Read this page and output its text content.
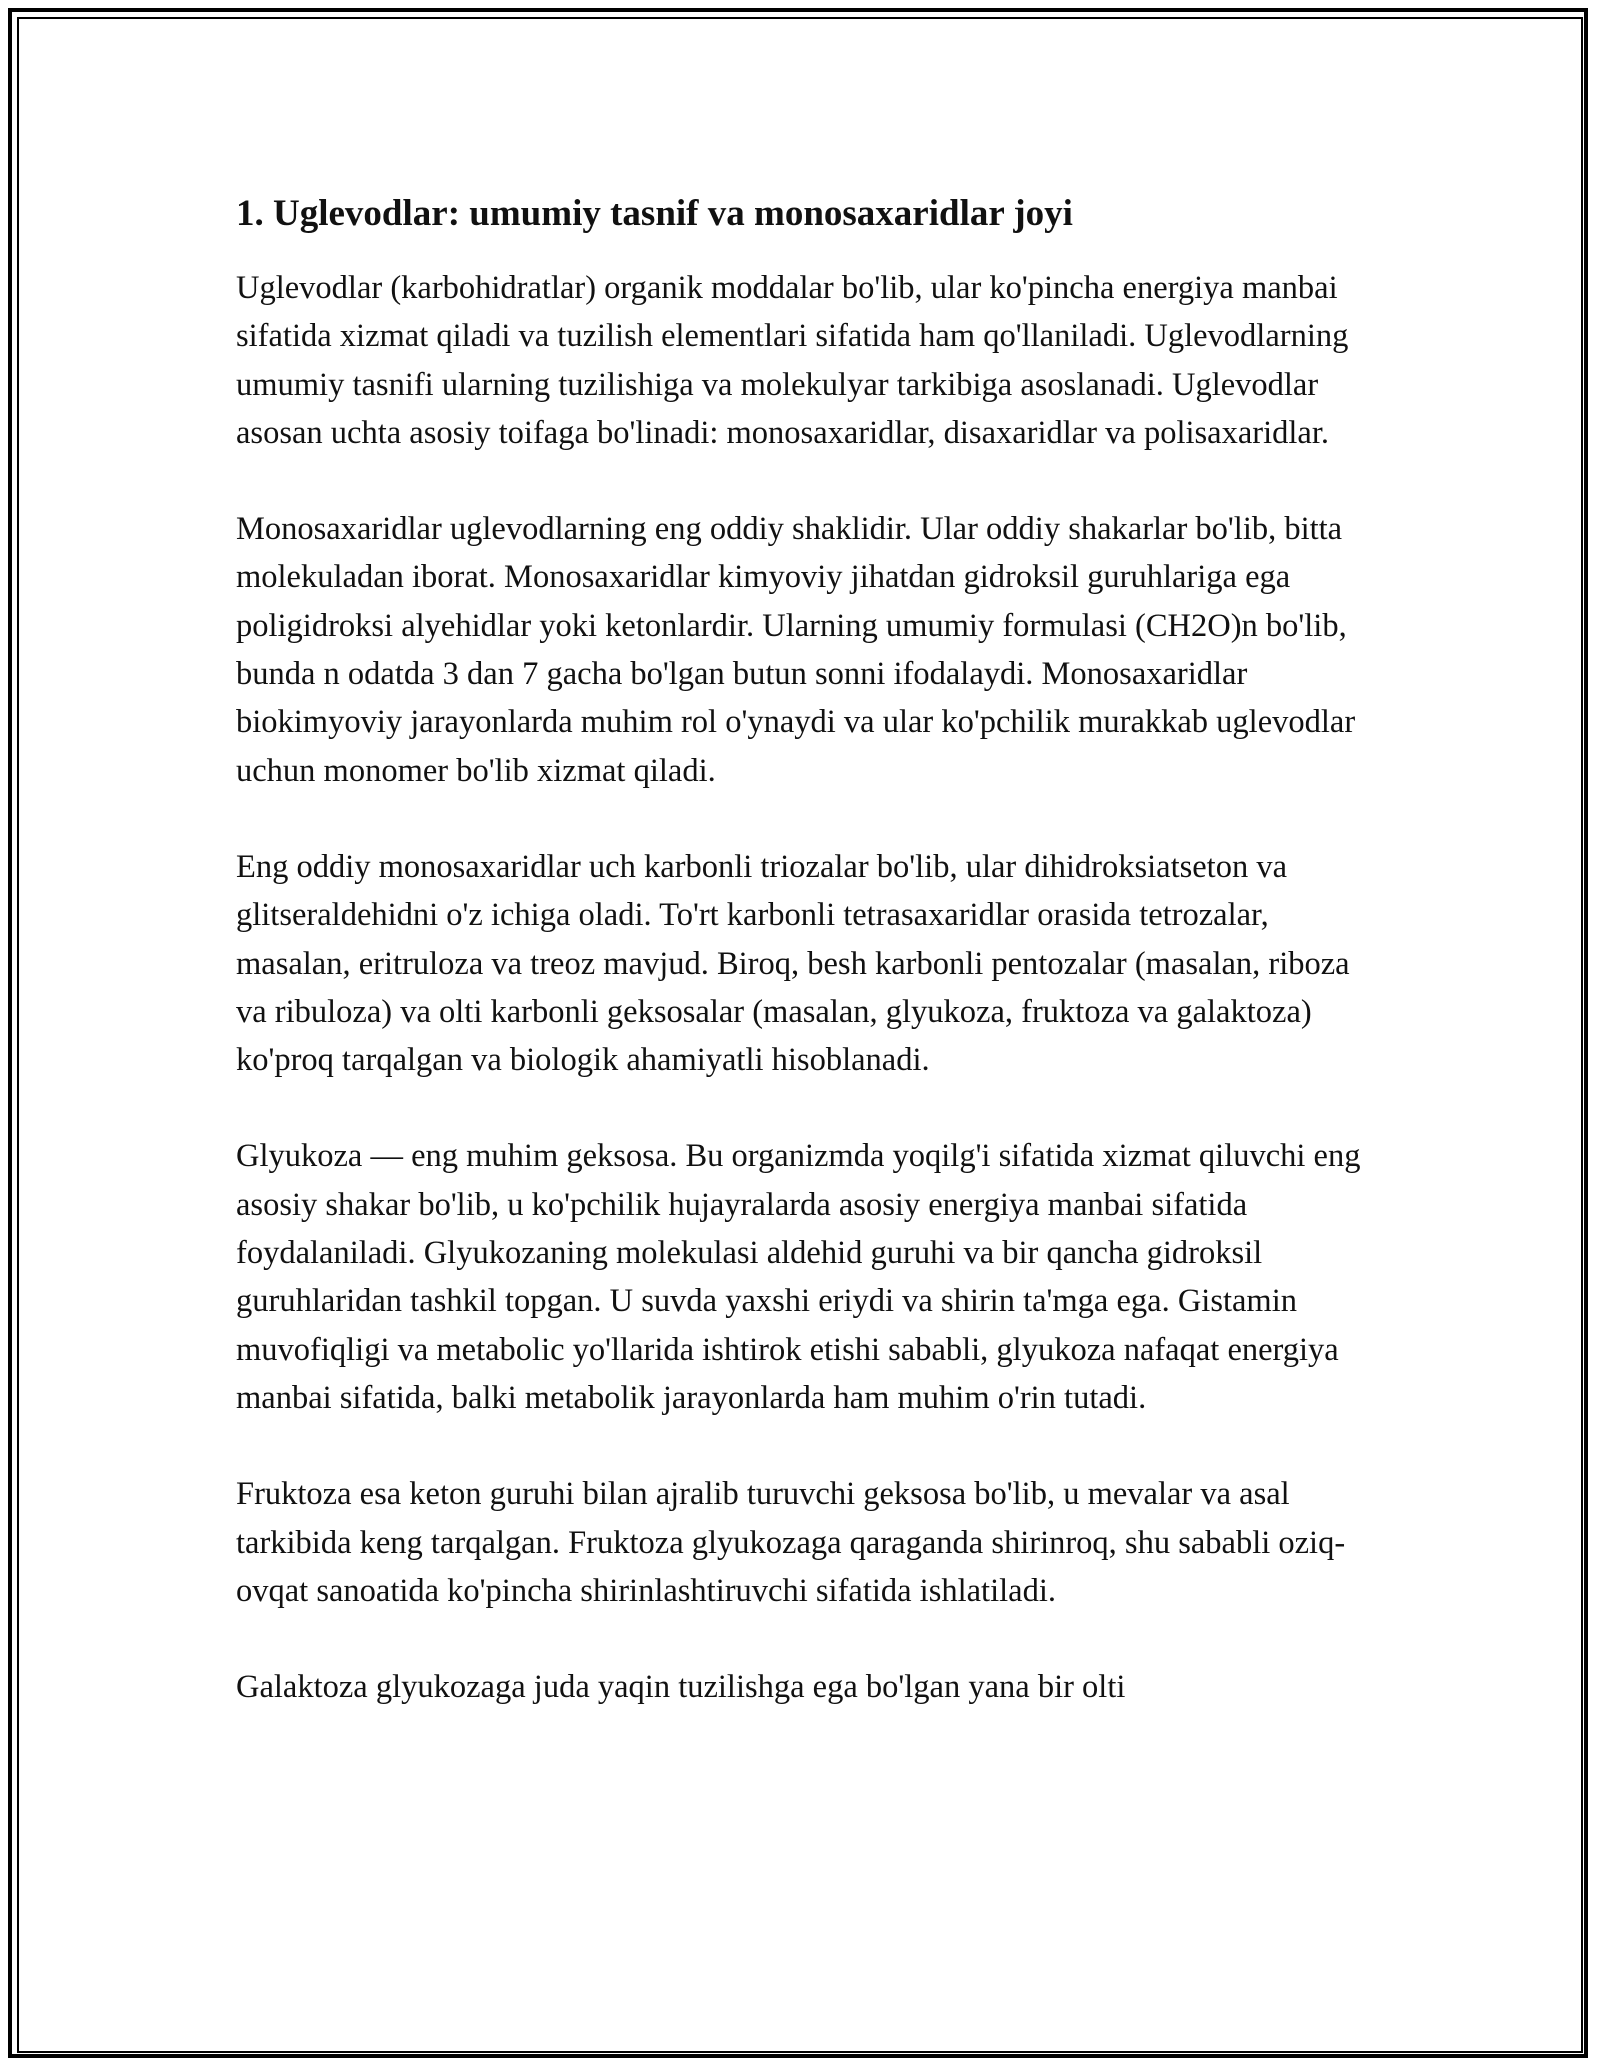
1. Uglevodlar: umumiy tasnif va monosaxaridlar joyi

Uglevodlar (karbohidratlar) organik moddalar bo'lib, ular ko'pincha energiya manbai sifatida xizmat qiladi va tuzilish elementlari sifatida ham qo'llaniladi. Uglevodlarning umumiy tasnifi ularning tuzilishiga va molekulyar tarkibiga asoslanadi. Uglevodlar asosan uchta asosiy toifaga bo'linadi: monosaxaridlar, disaxaridlar va polisaxaridlar.

Monosaxaridlar uglevodlarning eng oddiy shaklidir. Ular oddiy shakarlar bo'lib, bitta molekuladan iborat. Monosaxaridlar kimyoviy jihatdan gidroksil guruhlariga ega poligidroksi alyehidlar yoki ketonlardir. Ularning umumiy formulasi (CH2O)n bo'lib, bunda n odatda 3 dan 7 gacha bo'lgan butun sonni ifodalaydi. Monosaxaridlar biokimyoviy jarayonlarda muhim rol o'ynaydi va ular ko'pchilik murakkab uglevodlar uchun monomer bo'lib xizmat qiladi.

Eng oddiy monosaxaridlar uch karbonli triozalar bo'lib, ular dihidroksiatseton va glitseraldehidni o'z ichiga oladi. To'rt karbonli tetrasaxaridlar orasida tetrozalar, masalan, eritruloza va treoz mavjud. Biroq, besh karbonli pentozalar (masalan, riboza va ribuloza) va olti karbonli geksosalar (masalan, glyukoza, fruktoza va galaktoza) ko'proq tarqalgan va biologik ahamiyatli hisoblanadi.

Glyukoza — eng muhim geksosa. Bu organizmda yoqilg'i sifatida xizmat qiluvchi eng asosiy shakar bo'lib, u ko'pchilik hujayralarda asosiy energiya manbai sifatida foydalaniladi. Glyukozaning molekulasi aldehid guruhi va bir qancha gidroksil guruhlaridan tashkil topgan. U suvda yaxshi eriydi va shirin ta'mga ega. Gistamin muvofiqligi va metabolic yo'llarida ishtirok etishi sababli, glyukoza nafaqat energiya manbai sifatida, balki metabolik jarayonlarda ham muhim o'rin tutadi.

Fruktoza esa keton guruhi bilan ajralib turuvchi geksosa bo'lib, u mevalar va asal tarkibida keng tarqalgan. Fruktoza glyukozaga qaraganda shirinroq, shu sababli oziq-ovqat sanoatida ko'pincha shirinlashtiruvchi sifatida ishlatiladi.

Galaktoza glyukozaga juda yaqin tuzilishga ega bo'lgan yana bir olti
